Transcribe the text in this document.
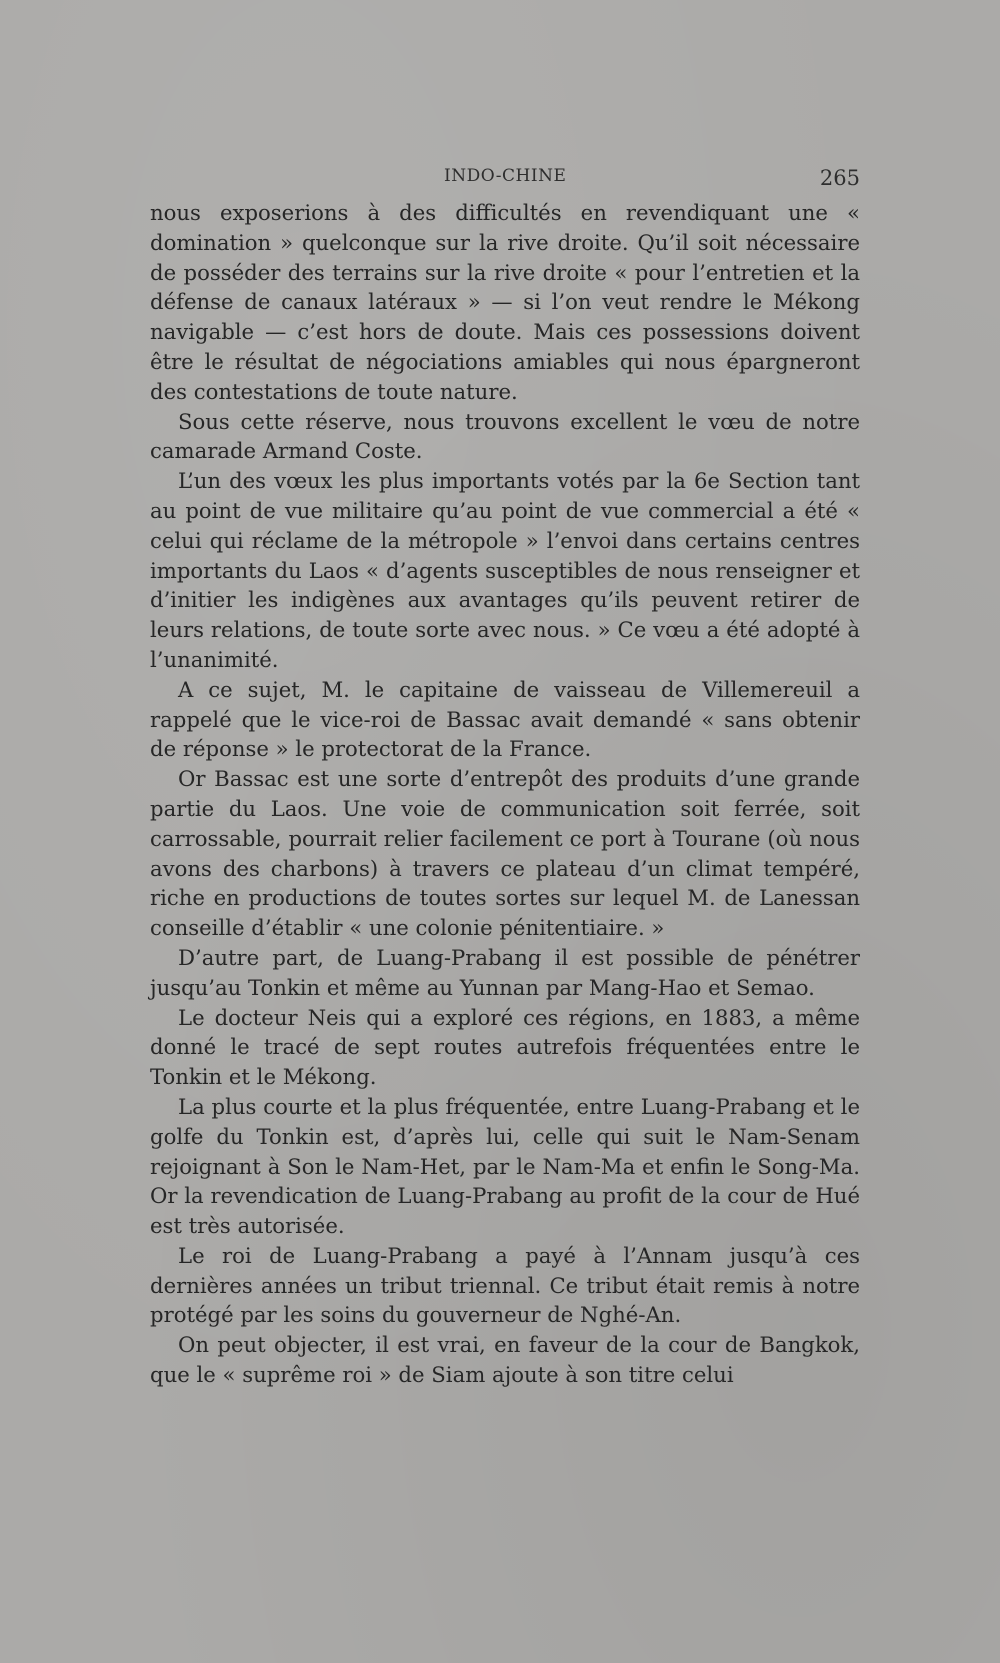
INDO-CHINE	265

nous exposerions à des difficultés en revendiquant une « domination » quelconque sur la rive droite. Qu’il soit nécessaire de posséder des terrains sur la rive droite « pour l’entretien et la défense de canaux latéraux » — si l’on veut rendre le Mékong navigable — c’est hors de doute. Mais ces possessions doivent être le résultat de négociations amiables qui nous épargneront des contestations de toute nature.

Sous cette réserve, nous trouvons excellent le vœu de notre camarade Armand Coste.

L’un des vœux les plus importants votés par la 6e Section tant au point de vue militaire qu’au point de vue commercial a été « celui qui réclame de la métropole » l’envoi dans certains centres importants du Laos « d’agents susceptibles de nous renseigner et d’initier les indigènes aux avantages qu’ils peuvent retirer de leurs relations, de toute sorte avec nous. » Ce vœu a été adopté à l’unanimité.

A ce sujet, M. le capitaine de vaisseau de Villemereuil a rappelé que le vice-roi de Bassac avait demandé « sans obtenir de réponse » le protectorat de la France.

Or Bassac est une sorte d’entrepôt des produits d’une grande partie du Laos. Une voie de communication soit ferrée, soit carrossable, pourrait relier facilement ce port à Tourane (où nous avons des charbons) à travers ce plateau d’un climat tempéré, riche en productions de toutes sortes sur lequel M. de Lanessan conseille d’établir « une colonie pénitentiaire. »

D’autre part, de Luang-Prabang il est possible de pénétrer jusqu’au Tonkin et même au Yunnan par Mang-Hao et Semao.

Le docteur Neis qui a exploré ces régions, en 1883, a même donné le tracé de sept routes autrefois fréquentées entre le Tonkin et le Mékong.

La plus courte et la plus fréquentée, entre Luang-Prabang et le golfe du Tonkin est, d’après lui, celle qui suit le Nam-Senam rejoignant à Son le Nam-Het, par le Nam-Ma et enfin le Song-Ma. Or la revendication de Luang-Prabang au profit de la cour de Hué est très autorisée.

Le roi de Luang-Prabang a payé à l’Annam jusqu’à ces dernières années un tribut triennal. Ce tribut était remis à notre protégé par les soins du gouverneur de Nghé-An.

On peut objecter, il est vrai, en faveur de la cour de Bangkok, que le « suprême roi » de Siam ajoute à son titre celui
